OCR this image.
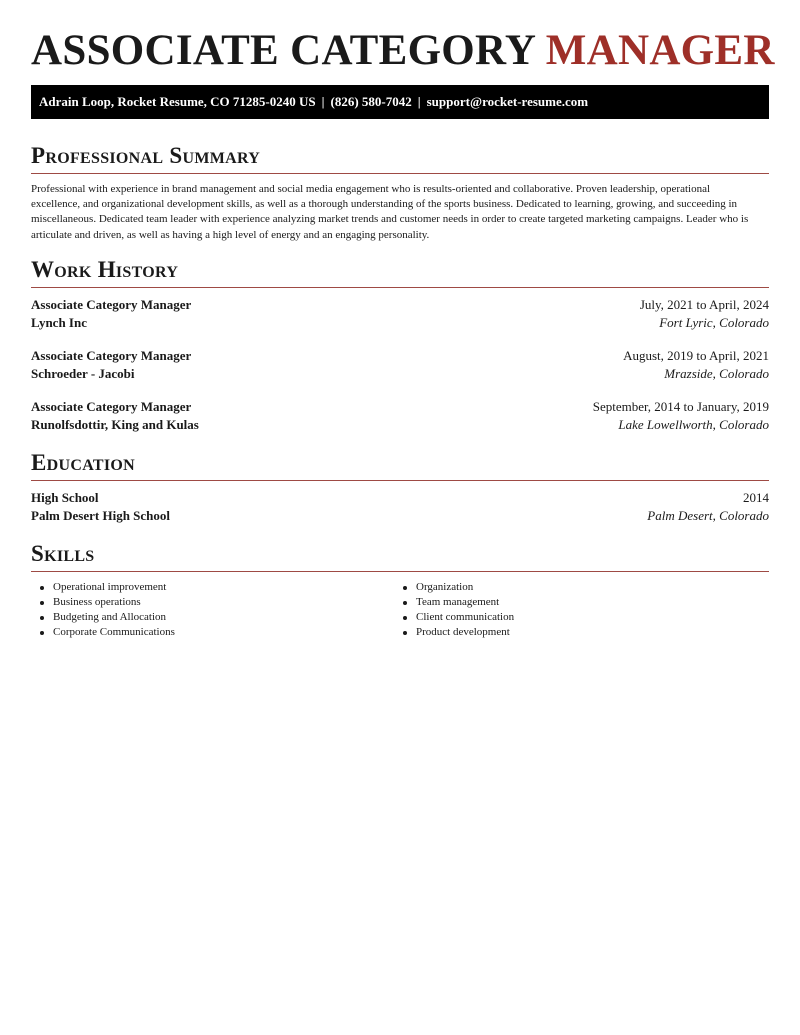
ASSOCIATE CATEGORY MANAGER
Adrain Loop, Rocket Resume, CO 71285-0240 US | (826) 580-7042 | support@rocket-resume.com
Professional Summary

Professional with experience in brand management and social media engagement who is results-oriented and collaborative. Proven leadership, operational excellence, and organizational development skills, as well as a thorough understanding of the sports business. Dedicated to learning, growing, and succeeding in miscellaneous. Dedicated team leader with experience analyzing market trends and customer needs in order to create targeted marketing campaigns. Leader who is articulate and driven, as well as having a high level of energy and an engaging personality.

Work History
Associate Category Manager	July, 2021 to April, 2024
Lynch Inc	Fort Lyric, Colorado
Associate Category Manager	August, 2019 to April, 2021
Schroeder - Jacobi	Mrazside, Colorado
Associate Category Manager	September, 2014 to January, 2019
Runolfsdottir, King and Kulas	Lake Lowellworth, Colorado
Education
High School	2014
Palm Desert High School	Palm Desert, Colorado
Skills
Operational improvement
Business operations
Budgeting and Allocation
Corporate Communications
Organization
Team management
Client communication
Product development
